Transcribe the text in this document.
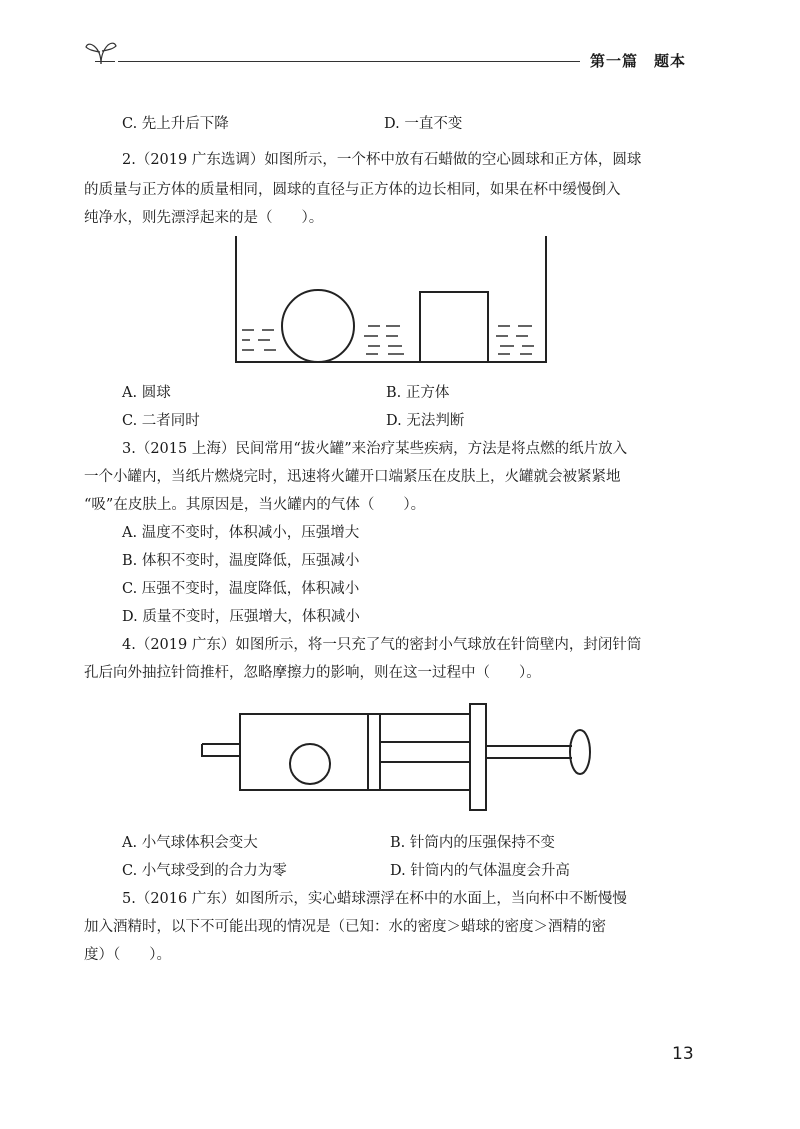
第一篇　题本
C. 先上升后下降	D. 一直不变
2.（2019 广东选调）如图所示，一个杯中放有石蜡做的空心圆球和正方体，圆球
的质量与正方体的质量相同，圆球的直径与正方体的边长相同，如果在杯中缓慢倒入
纯净水，则先漂浮起来的是（　　）。
A. 圆球	B. 正方体
C. 二者同时	D. 无法判断
3.（2015 上海）民间常用“拔火罐”来治疗某些疾病，方法是将点燃的纸片放入
一个小罐内，当纸片燃烧完时，迅速将火罐开口端紧压在皮肤上，火罐就会被紧紧地
“吸”在皮肤上。其原因是，当火罐内的气体（　　）。
A. 温度不变时，体积减小，压强增大
B. 体积不变时，温度降低，压强减小
C. 压强不变时，温度降低，体积减小
D. 质量不变时，压强增大，体积减小
4.（2019 广东）如图所示，将一只充了气的密封小气球放在针筒壁内，封闭针筒
孔后向外抽拉针筒推杆，忽略摩擦力的影响，则在这一过程中（　　）。
A. 小气球体积会变大	B. 针筒内的压强保持不变
C. 小气球受到的合力为零	D. 针筒内的气体温度会升高
5.（2016 广东）如图所示，实心蜡球漂浮在杯中的水面上，当向杯中不断慢慢
加入酒精时，以下不可能出现的情况是（已知：水的密度＞蜡球的密度＞酒精的密
度）（　　）。
13
